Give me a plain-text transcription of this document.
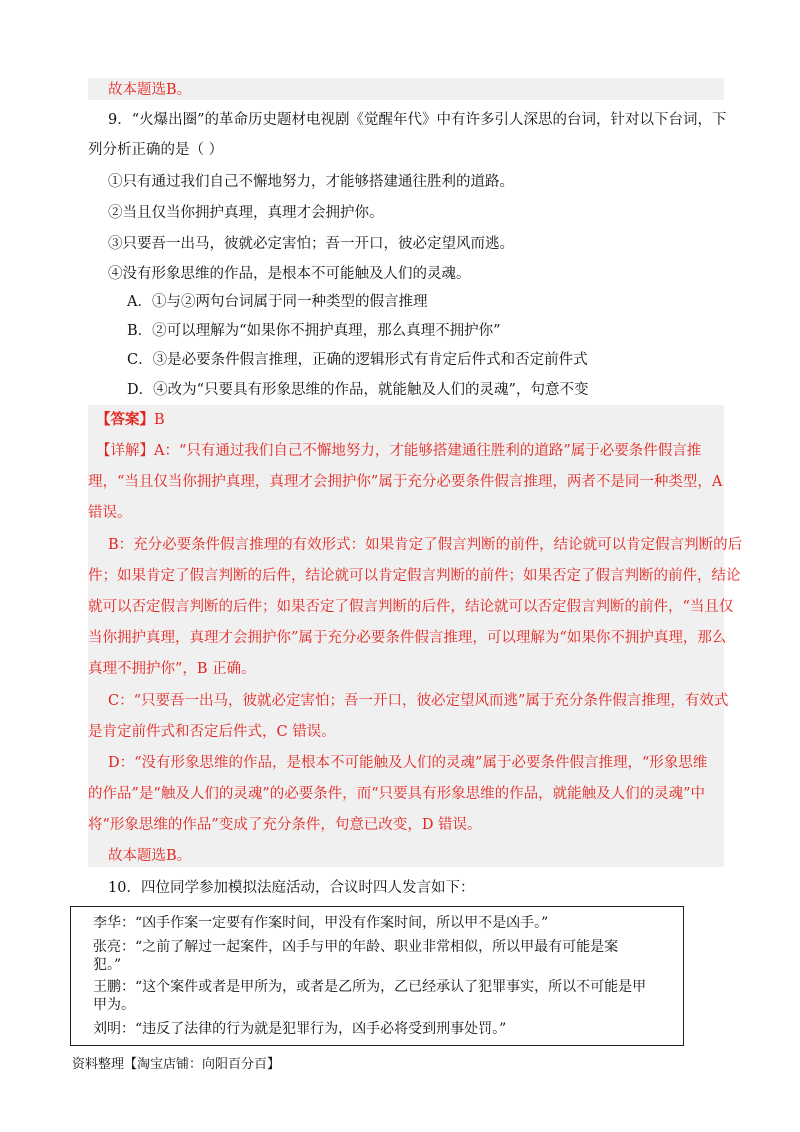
故本题选B。
9．“火爆出圈”的革命历史题材电视剧《觉醒年代》中有许多引人深思的台词，针对以下台词，下
列分析正确的是（ ）
①只有通过我们自己不懈地努力，才能够搭建通往胜利的道路。
②当且仅当你拥护真理，真理才会拥护你。
③只要吾一出马，彼就必定害怕；吾一开口，彼必定望风而逃。
④没有形象思维的作品，是根本不可能触及人们的灵魂。
A．①与②两句台词属于同一种类型的假言推理
B．②可以理解为“如果你不拥护真理，那么真理不拥护你”
C．③是必要条件假言推理，正确的逻辑形式有肯定后件式和否定前件式
D．④改为“只要具有形象思维的作品，就能触及人们的灵魂”，句意不变
【答案】B
【详解】A：“只有通过我们自己不懈地努力，才能够搭建通往胜利的道路”属于必要条件假言推
理，“当且仅当你拥护真理，真理才会拥护你”属于充分必要条件假言推理，两者不是同一种类型，A
错误。
B：充分必要条件假言推理的有效形式：如果肯定了假言判断的前件，结论就可以肯定假言判断的后
件；如果肯定了假言判断的后件，结论就可以肯定假言判断的前件；如果否定了假言判断的前件，结论
就可以否定假言判断的后件；如果否定了假言判断的后件，结论就可以否定假言判断的前件，“当且仅
当你拥护真理，真理才会拥护你”属于充分必要条件假言推理，可以理解为“如果你不拥护真理，那么
真理不拥护你”，B 正确。
C：“只要吾一出马，彼就必定害怕；吾一开口，彼必定望风而逃”属于充分条件假言推理，有效式
是肯定前件式和否定后件式，C 错误。
D：“没有形象思维的作品，是根本不可能触及人们的灵魂”属于必要条件假言推理，“形象思维
的作品”是“触及人们的灵魂”的必要条件，而“只要具有形象思维的作品，就能触及人们的灵魂”中
将“形象思维的作品”变成了充分条件，句意已改变，D 错误。
故本题选B。
10．四位同学参加模拟法庭活动，合议时四人发言如下：
李华：“凶手作案一定要有作案时间，甲没有作案时间，所以甲不是凶手。”
张亮：“之前了解过一起案件，凶手与甲的年龄、职业非常相似，所以甲最有可能是案
犯。”
王鹏：“这个案件或者是甲所为，或者是乙所为，乙已经承认了犯罪事实，所以不可能是甲
甲为。
刘明：“违反了法律的行为就是犯罪行为，凶手必将受到刑事处罚。”
资料整理【淘宝店铺：向阳百分百】
